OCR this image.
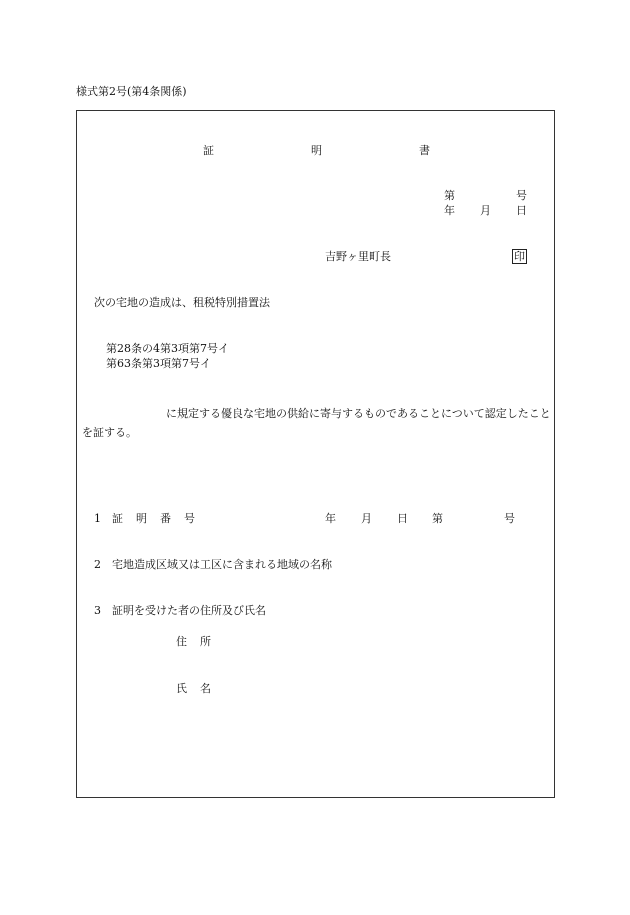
様式第2号(第4条関係)
証	明	書
第	号
年 月 日
吉野ヶ里町長	印
次の宅地の造成は、租税特別措置法
第28条の4第3項第7号イ
第63条第3項第7号イ
に規定する優良な宅地の供給に寄与するものであることについて認定したことを証する。
1 証 明 番 号	年 月 日 第	号
2 宅地造成区域又は工区に含まれる地域の名称
3 証明を受けた者の住所及び氏名
住 所
氏 名
